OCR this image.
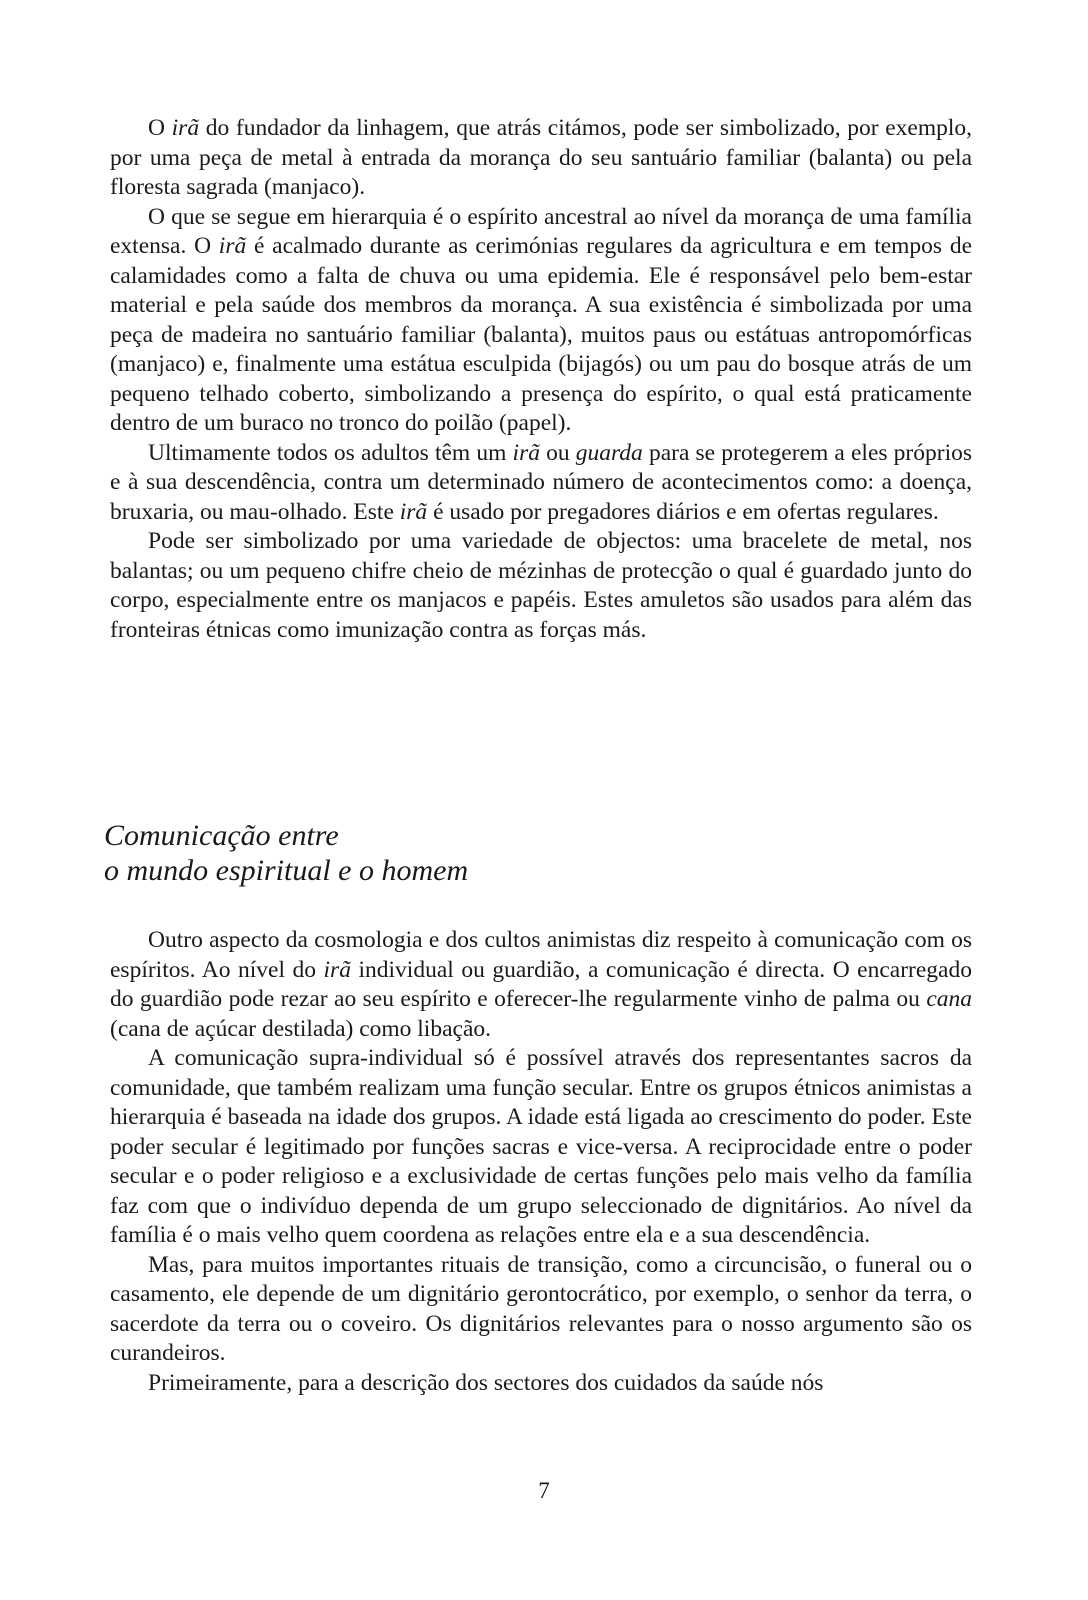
O irã do fundador da linhagem, que atrás citámos, pode ser simbolizado, por exemplo, por uma peça de metal à entrada da morança do seu santuário familiar (balanta) ou pela floresta sagrada (manjaco).

O que se segue em hierarquia é o espírito ancestral ao nível da morança de uma família extensa. O irã é acalmado durante as cerimónias regulares da agricultura e em tempos de calamidades como a falta de chuva ou uma epidemia. Ele é responsável pelo bem-estar material e pela saúde dos membros da morança. A sua existência é simbolizada por uma peça de madeira no santuário familiar (balanta), muitos paus ou estátuas antropomórficas (manjaco) e, finalmente uma estátua esculpida (bijagós) ou um pau do bosque atrás de um pequeno telhado coberto, simbolizando a presença do espírito, o qual está praticamente dentro de um buraco no tronco do poilão (papel).

Ultimamente todos os adultos têm um irã ou guarda para se protegerem a eles próprios e à sua descendência, contra um determinado número de acontecimentos como: a doença, bruxaria, ou mau-olhado. Este irã é usado por pregadores diários e em ofertas regulares.

Pode ser simbolizado por uma variedade de objectos: uma bracelete de metal, nos balantas; ou um pequeno chifre cheio de mézinhas de protecção o qual é guardado junto do corpo, especialmente entre os manjacos e papéis. Estes amuletos são usados para além das fronteiras étnicas como imunização contra as forças más.

Comunicação entre
o mundo espiritual e o homem

Outro aspecto da cosmologia e dos cultos animistas diz respeito à comunicação com os espíritos. Ao nível do irã individual ou guardião, a comunicação é directa. O encarregado do guardião pode rezar ao seu espírito e oferecer-lhe regularmente vinho de palma ou cana (cana de açúcar destilada) como libação.

A comunicação supra-individual só é possível através dos representantes sacros da comunidade, que também realizam uma função secular. Entre os grupos étnicos animistas a hierarquia é baseada na idade dos grupos. A idade está ligada ao crescimento do poder. Este poder secular é legitimado por funções sacras e vice-versa. A reciprocidade entre o poder secular e o poder religioso e a exclusividade de certas funções pelo mais velho da família faz com que o indivíduo dependa de um grupo seleccionado de dignitários. Ao nível da família é o mais velho quem coordena as relações entre ela e a sua descendência.

Mas, para muitos importantes rituais de transição, como a circuncisão, o funeral ou o casamento, ele depende de um dignitário gerontocrático, por exemplo, o senhor da terra, o sacerdote da terra ou o coveiro. Os dignitários relevantes para o nosso argumento são os curandeiros.

Primeiramente, para a descrição dos sectores dos cuidados da saúde nós

7
